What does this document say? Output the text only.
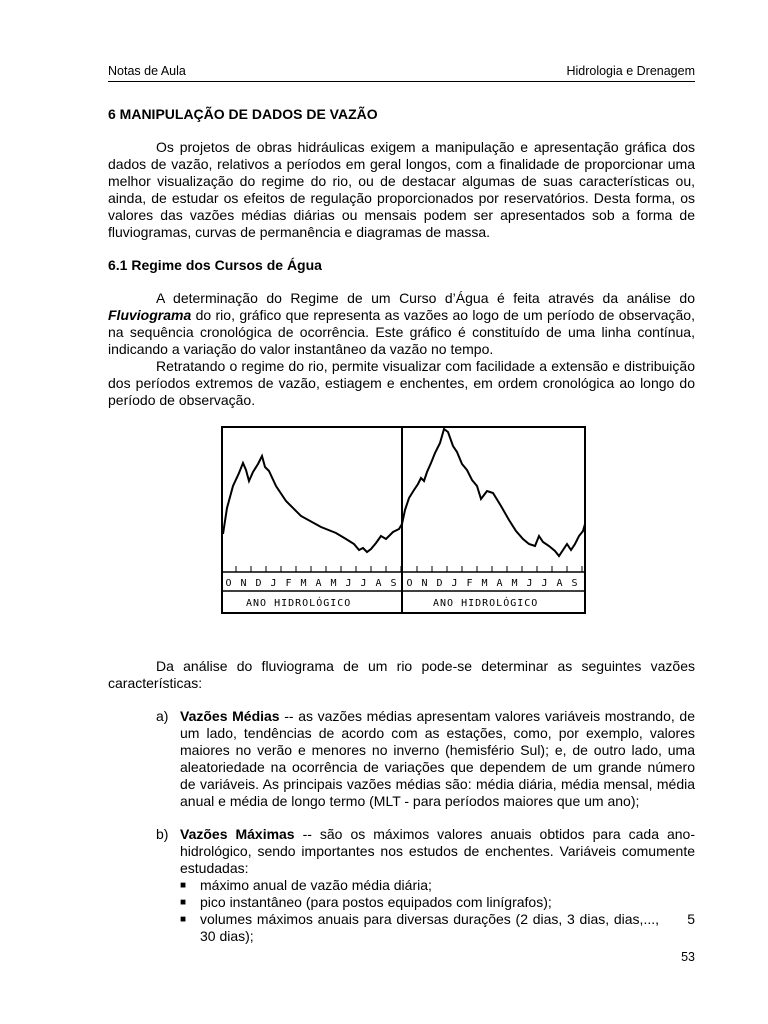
Notas de Aula	Hidrologia e Drenagem
6 MANIPULAÇÃO DE DADOS DE VAZÃO

Os projetos de obras hidráulicas exigem a manipulação e apresentação gráfica dos dados de vazão, relativos a períodos em geral longos, com a finalidade de proporcionar uma melhor visualização do regime do rio, ou de destacar algumas de suas características ou, ainda, de estudar os efeitos de regulação proporcionados por reservatórios. Desta forma, os valores das vazões médias diárias ou mensais podem ser apresentados sob a forma de fluviogramas, curvas de permanência e diagramas de massa.

6.1 Regime dos Cursos de Água

A determinação do Regime de um Curso d’Água é feita através da análise do Fluviograma do rio, gráfico que representa as vazões ao logo de um período de observação, na sequência cronológica de ocorrência. Este gráfico é constituído de uma linha contínua, indicando a variação do valor instantâneo da vazão no tempo.

Retratando o regime do rio, permite visualizar com facilidade a extensão e distribuição dos períodos extremos de vazão, estiagem e enchentes, em ordem cronológica ao longo do período de observação.

O N D J F M A M J J A S O N D J F M A M J J A S
ANO HIDROLÓGICO	ANO HIDROLÓGICO

Da análise do fluviograma de um rio pode-se determinar as seguintes vazões características:

a) Vazões Médias -- as vazões médias apresentam valores variáveis mostrando, de um lado, tendências de acordo com as estações, como, por exemplo, valores maiores no verão e menores no inverno (hemisfério Sul); e, de outro lado, uma aleatoriedade na ocorrência de variações que dependem de um grande número de variáveis. As principais vazões médias são: média diária, média mensal, média anual e média de longo termo (MLT - para períodos maiores que um ano);
b) Vazões Máximas -- são os máximos valores anuais obtidos para cada ano-hidrológico, sendo importantes nos estudos de enchentes. Variáveis comumente estudadas:
■ máximo anual de vazão média diária;
■ pico instantâneo (para postos equipados com linígrafos);
■ volumes máximos anuais para diversas durações (2 dias, 3 dias, dias,..., 30 dias);
5
53
